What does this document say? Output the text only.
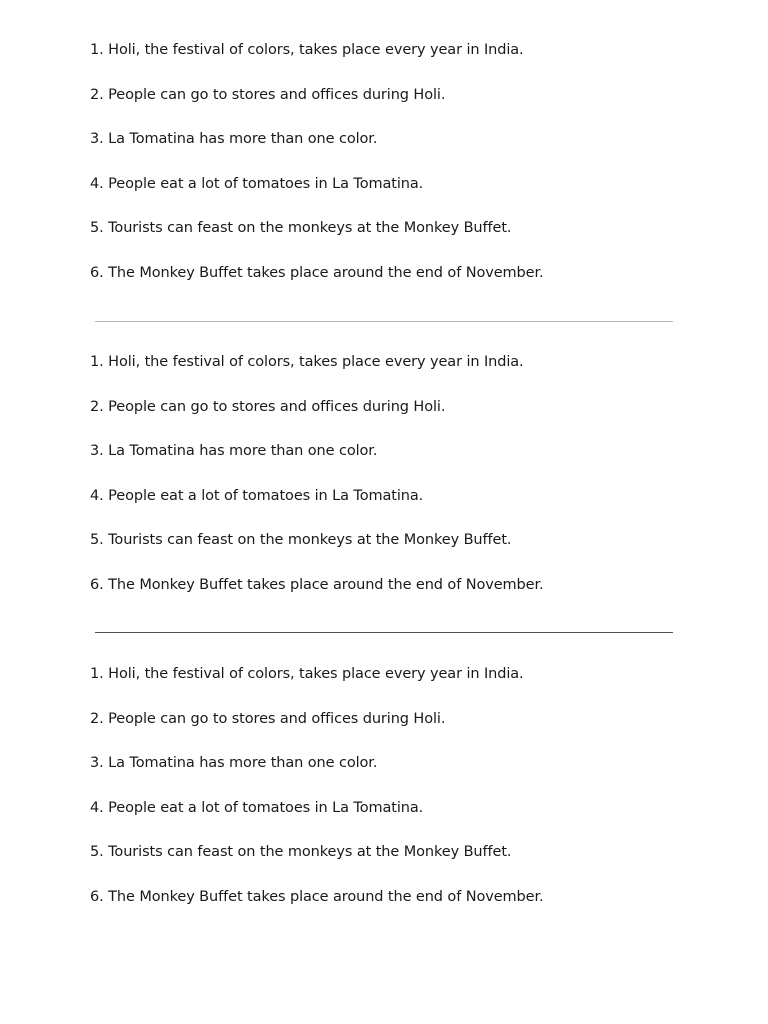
1. Holi, the festival of colors, takes place every year in India.

2. People can go to stores and offices during Holi.

3. La Tomatina has more than one color.

4. People eat a lot of tomatoes in La Tomatina.

5. Tourists can feast on the monkeys at the Monkey Buffet.

6. The Monkey Buffet takes place around the end of November.

1. Holi, the festival of colors, takes place every year in India.

2. People can go to stores and offices during Holi.

3. La Tomatina has more than one color.

4. People eat a lot of tomatoes in La Tomatina.

5. Tourists can feast on the monkeys at the Monkey Buffet.

6. The Monkey Buffet takes place around the end of November.

1. Holi, the festival of colors, takes place every year in India.

2. People can go to stores and offices during Holi.

3. La Tomatina has more than one color.

4. People eat a lot of tomatoes in La Tomatina.

5. Tourists can feast on the monkeys at the Monkey Buffet.

6. The Monkey Buffet takes place around the end of November.
